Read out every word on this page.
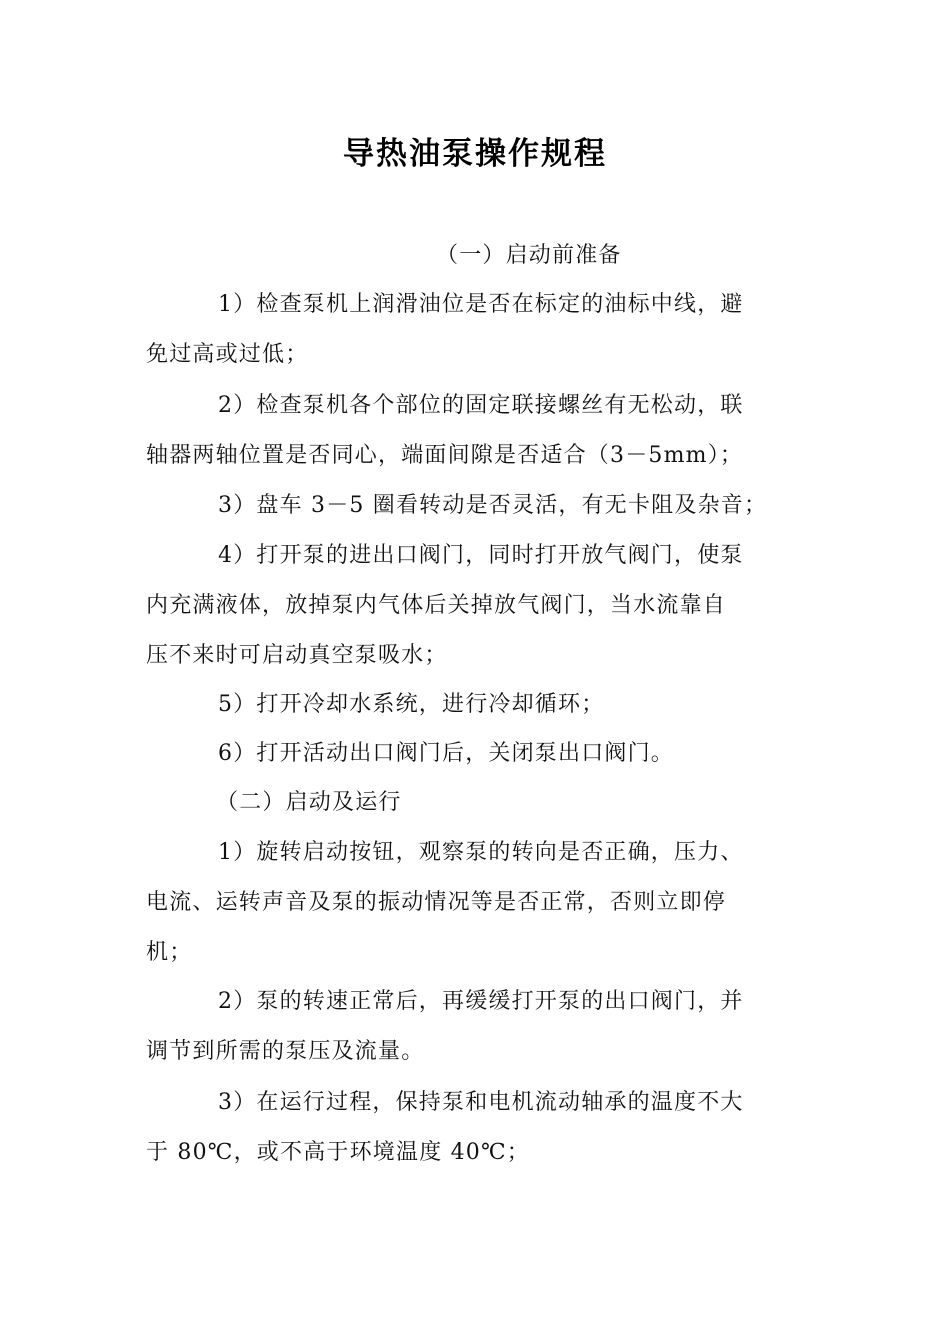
导热油泵操作规程
（一）启动前准备
1）检查泵机上润滑油位是否在标定的油标中线，避
免过高或过低；
2）检查泵机各个部位的固定联接螺丝有无松动，联
轴器两轴位置是否同心，端面间隙是否适合（3－5mm）；
3）盘车 3－5 圈看转动是否灵活，有无卡阻及杂音；
4）打开泵的进出口阀门，同时打开放气阀门，使泵
内充满液体，放掉泵内气体后关掉放气阀门，当水流靠自
压不来时可启动真空泵吸水；
5）打开冷却水系统，进行冷却循环；
6）打开活动出口阀门后，关闭泵出口阀门。
（二）启动及运行
1）旋转启动按钮，观察泵的转向是否正确，压力、
电流、运转声音及泵的振动情况等是否正常，否则立即停
机；
2）泵的转速正常后，再缓缓打开泵的出口阀门，并
调节到所需的泵压及流量。
3）在运行过程，保持泵和电机流动轴承的温度不大
于 80℃，或不高于环境温度 40℃；
